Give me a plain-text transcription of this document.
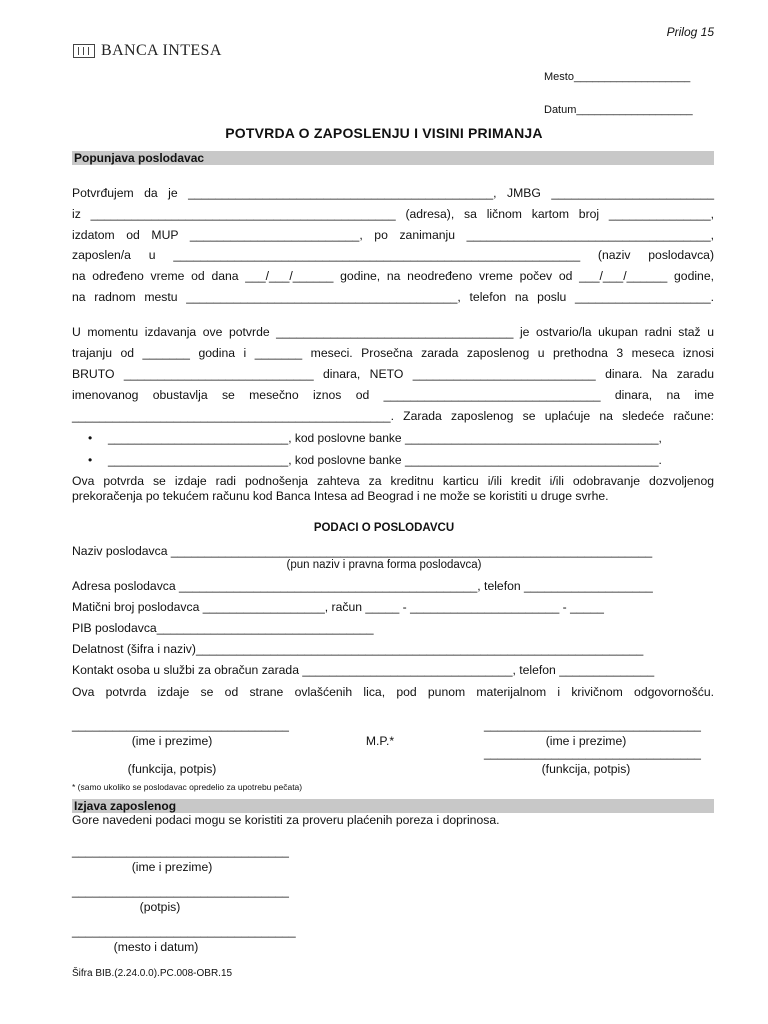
Prilog 15
BANCA INTESA
Mesto___________________
Datum___________________
POTVRDA O ZAPOSLENJU I VISINI PRIMANJA
Popunjava poslodavac
Potvrđujem da je _____________________________________________, JMBG ________________________
iz _____________________________________________ (adresa), sa ličnom kartom broj _______________,
izdatom od MUP _________________________, po zanimanju ____________________________________,
zaposlen/a u ____________________________________________________________ (naziv poslodavca)
na određeno vreme od dana ___/___/______ godine, na neodređeno vreme počev od ___/___/______ godine,
na radnom mestu ________________________________________, telefon na poslu ____________________.
U momentu izdavanja ove potvrde ___________________________________ je ostvario/la ukupan radni staž u
trajanju od _______ godina i _______ meseci. Prosečna zarada zaposlenog u prethodna 3 meseca iznosi
BRUTO ____________________________ dinara, NETO ___________________________ dinara. Na zaradu
imenovanog obustavlja se mesečno iznos od ________________________________ dinara, na ime
_______________________________________________. Zarada zaposlenog se uplaćuje na sledeće račune:
• ___________________________, kod poslovne banke ______________________________________,
• ___________________________, kod poslovne banke ______________________________________.
Ova potvrda se izdaje radi podnošenja zahteva za kreditnu karticu i/ili kredit i/ili odobravanje dozvoljenog
prekoračenja po tekućem računu kod Banca Intesa ad Beograd i ne može se koristiti u druge svrhe.
PODACI O POSLODAVCU
Naziv poslodavca _______________________________________________________________________
(pun naziv i pravna forma poslodavca)
Adresa poslodavca ____________________________________________, telefon ___________________
Matični broj poslodavca __________________, račun _____ - ______________________ - _____
PIB poslodavca________________________________
Delatnost (šifra i naziv)__________________________________________________________________
Kontakt osoba u službi za obračun zarada _______________________________, telefon ______________
Ova potvrda izdaje se od strane ovlašćenih lica, pod punom materijalnom i krivičnom odgovornošću.
________________________________	________________________________
(ime i prezime)	M.P.*	(ime i prezime)
________________________________
(funkcija, potpis)	(funkcija, potpis)
* (samo ukoliko se poslodavac opredelio za upotrebu pečata)
Izjava zaposlenog
Gore navedeni podaci mogu se koristiti za proveru plaćenih poreza i doprinosa.
________________________________
(ime i prezime)
________________________________
(potpis)
_________________________________
(mesto i datum)
Šifra BIB.(2.24.0.0).PC.008-OBR.15
